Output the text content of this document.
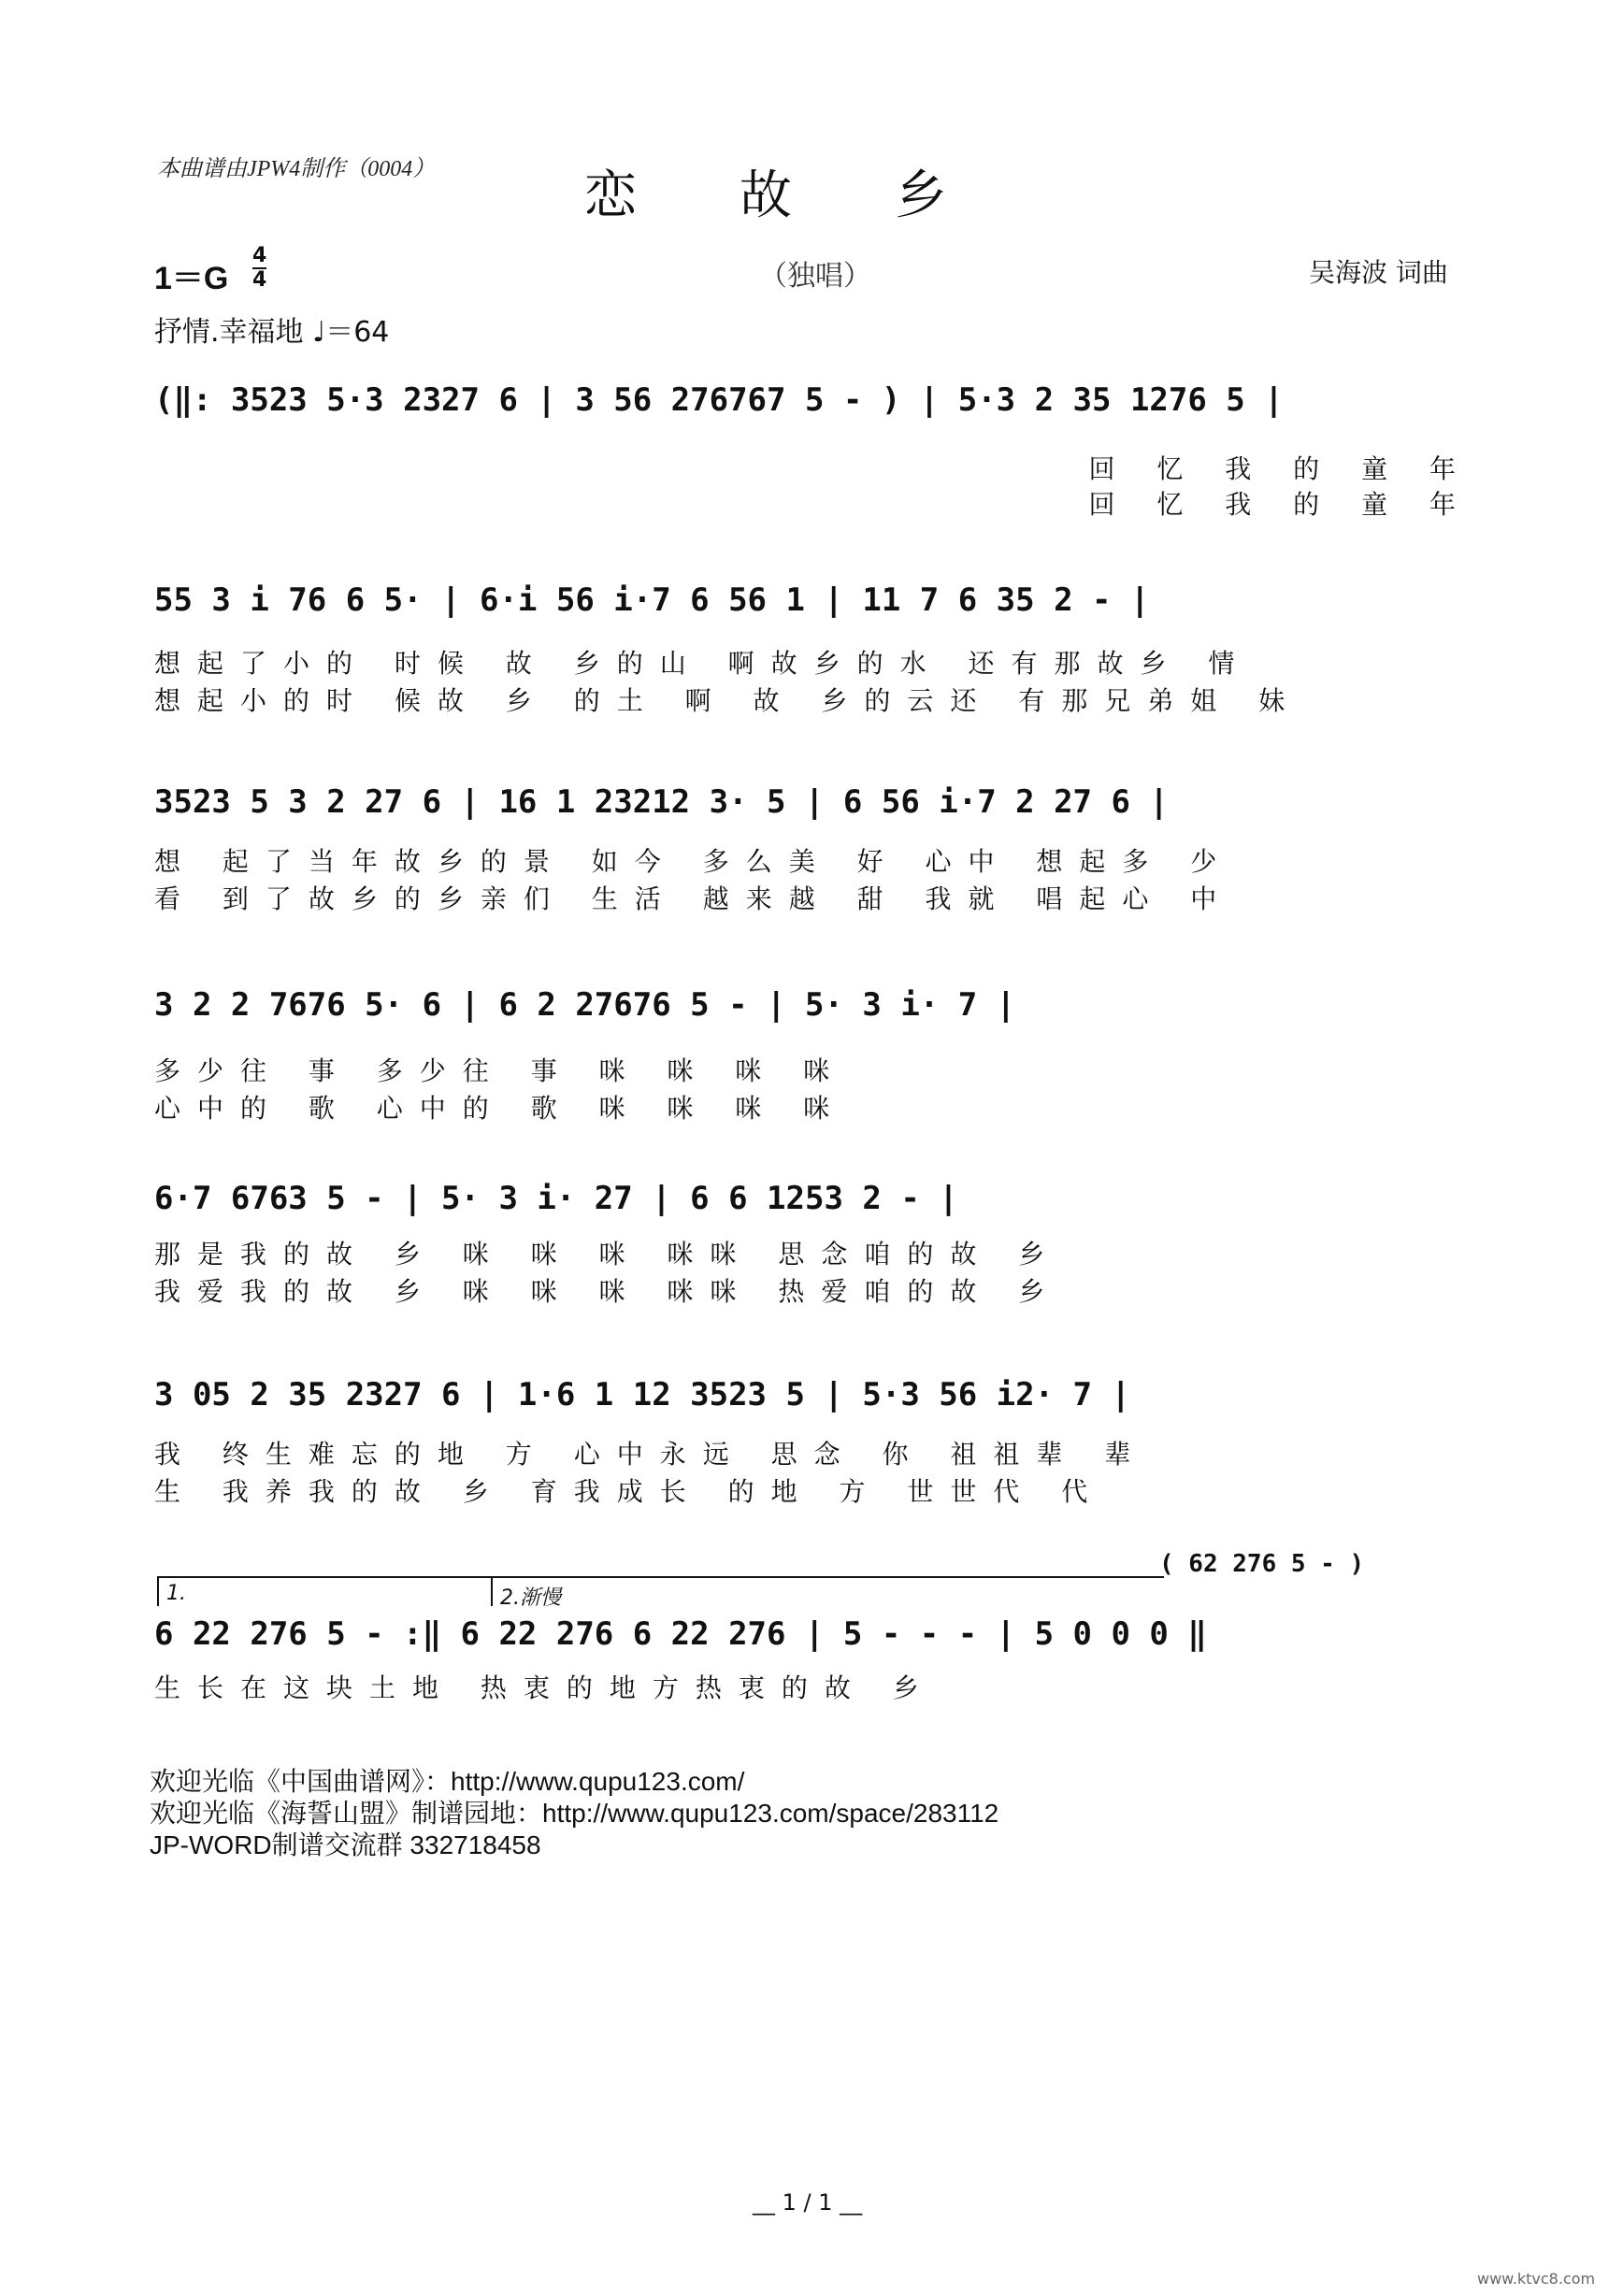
本曲谱由JPW4制作（0004）	恋故乡
$1=G \frac{4}{4}$	（独唱）	吴海波 词曲
抒情.幸福地 ♩＝64
(‖: 3523 5·3 2327 6 | 3 56 276767 5 - ) | 5·3 2 35 1276 5 |
回 忆 我 的 童 年
回 忆 我 的 童 年
55 3 i 76 6 5· | 6·i 56 i·7 6 56 1 | 11 7 6 35 2 - |
想起了小的 时候 故 乡的山 啊故乡的水 还有那故乡 情
想起小的时 候故 乡 的土 啊 故 乡的云还 有那兄弟姐 妹
3523 5 3 2 27 6 | 16 1 23212 3· 5 | 6 56 i·7 2 27 6 |
想 起了当年故乡的景 如今 多么美 好 心中 想起多 少
看 到了故乡的乡亲们 生活 越来越 甜 我就 唱起心 中
3 2 2 7676 5· 6 | 6 2 27676 5 - | 5· 3 i· 7 |
多少往 事 多少往 事 咪 咪 咪 咪
心中的 歌 心中的 歌 咪 咪 咪 咪
6·7 6763 5 - | 5· 3 i· 27 | 6 6 1253 2 - |
那是我的故 乡 咪 咪 咪 咪咪 思念咱的故 乡
我爱我的故 乡 咪 咪 咪 咪咪 热爱咱的故 乡
3 05 2 35 2327 6 | 1·6 1 12 3523 5 | 5·3 56 i2· 7 |
我 终生难忘的地 方 心中永远 思念 你 祖祖辈 辈
生 我养我的故 乡 育我成长 的地 方 世世代 代
1.	2.渐慢
( 62 276 5 - )
6 22 276 5 - :‖ 6 22 276 6 22 276 | 5 - - - | 5 0 0 0 ‖
生长在这块土地 热衷的地方热衷的故 乡
欢迎光临《中国曲谱网》：http://www.qupu123.com/
欢迎光临《海誓山盟》制谱园地：http://www.qupu123.com/space/283112
JP-WORD制谱交流群 332718458
__ 1 / 1 __
www.ktvc8.com
